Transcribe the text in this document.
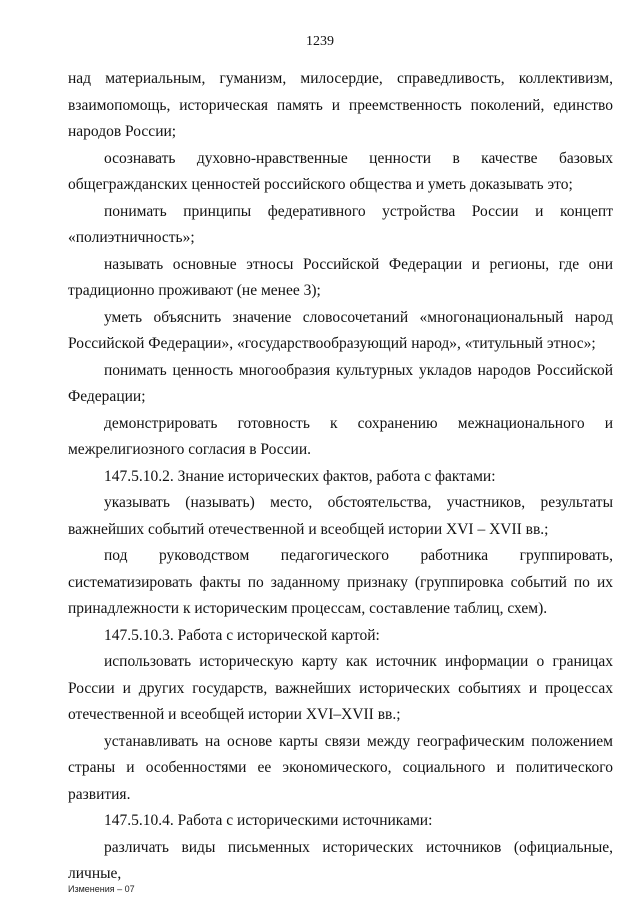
1239

над материальным, гуманизм, милосердие, справедливость, коллективизм, взаимопомощь, историческая память и преемственность поколений, единство народов России;

осознавать духовно-нравственные ценности в качестве базовых общегражданских ценностей российского общества и уметь доказывать это;

понимать принципы федеративного устройства России и концепт «полиэтничность»;

называть основные этносы Российской Федерации и регионы, где они традиционно проживают (не менее 3);

уметь объяснить значение словосочетаний «многонациональный народ Российской Федерации», «государствообразующий народ», «титульный этнос»;

понимать ценность многообразия культурных укладов народов Российской Федерации;

демонстрировать готовность к сохранению межнационального и межрелигиозного согласия в России.

147.5.10.2. Знание исторических фактов, работа с фактами:

указывать (называть) место, обстоятельства, участников, результаты важнейших событий отечественной и всеобщей истории XVI – XVII вв.;

под руководством педагогического работника группировать, систематизировать факты по заданному признаку (группировка событий по их принадлежности к историческим процессам, составление таблиц, схем).

147.5.10.3. Работа с исторической картой:

использовать историческую карту как источник информации о границах России и других государств, важнейших исторических событиях и процессах отечественной и всеобщей истории XVI–XVII вв.;

устанавливать на основе карты связи между географическим положением страны и особенностями ее экономического, социального и политического развития.

147.5.10.4. Работа с историческими источниками:

различать виды письменных исторических источников (официальные, личные,

Изменения – 07
